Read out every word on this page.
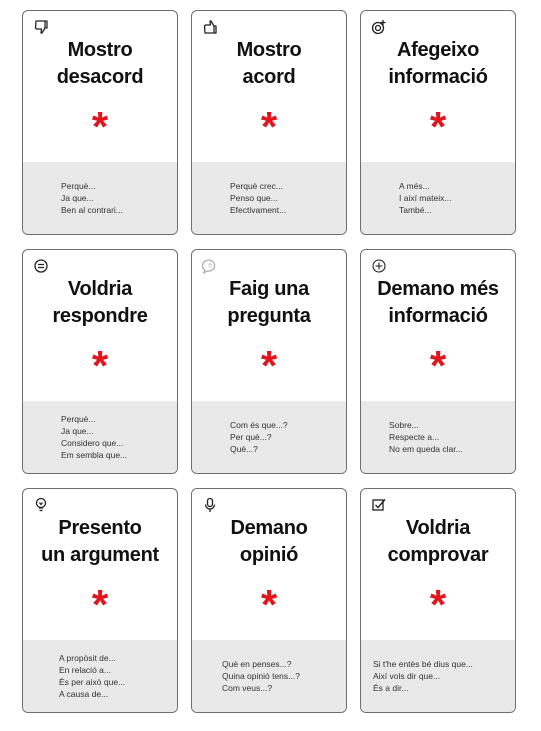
Mostro
desacord
*
Perquè...
Ja que...
Ben al contrari...
Mostro
acord
*
Perquè crec...
Penso que...
Efectivament...
Afegeixo
informació
*
A més...
I així mateix...
També...
Voldria
respondre
*
Perquè...
Ja que...
Considero que...
Em sembla que...
?
Faig una
pregunta
*
Com és que...?
Per què...?
Què...?
Demano més
informació
*
Sobre...
Respecte a...
No em queda clar...
Presento
un argument
*
A propòsit de...
En relació a...
És per això que...
A causa de...
Demano
opinió
*
Què en penses...?
Quina opinió tens...?
Com veus...?
Voldria
comprovar
*
Si t'he entès bé dius que...
Així vols dir que...
És a dir...
